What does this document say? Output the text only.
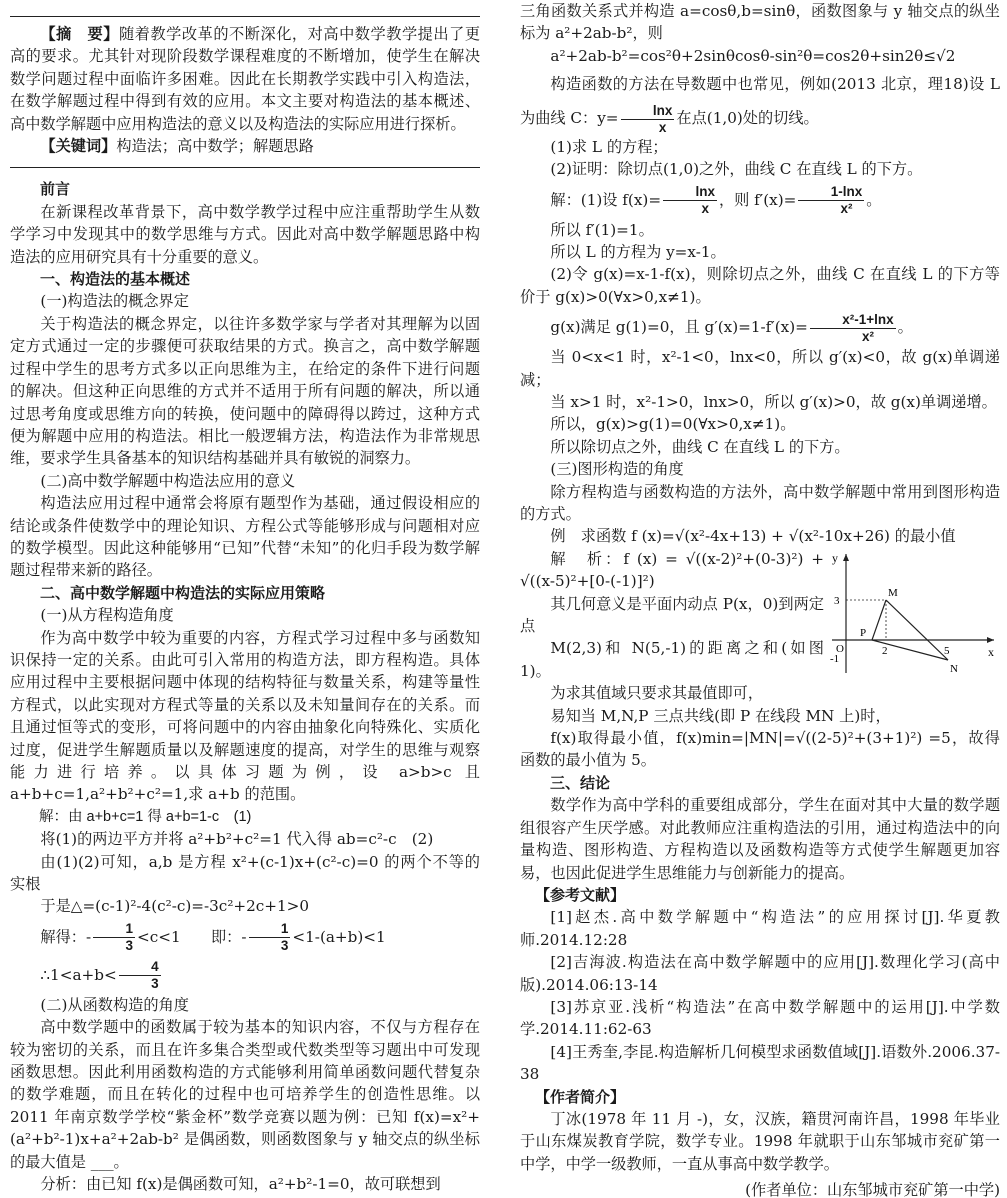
【摘　要】随着教学改革的不断深化，对高中数学教学提出了更高的要求。尤其针对现阶段数学课程难度的不断增加，使学生在解决数学问题过程中面临许多困难。因此在长期教学实践中引入构造法，在数学解题过程中得到有效的应用。本文主要对构造法的基本概述、高中数学解题中应用构造法的意义以及构造法的实际应用进行探析。

【关键词】构造法；高中数学；解题思路

前言

在新课程改革背景下，高中数学教学过程中应注重帮助学生从数学学习中发现其中的数学思维与方式。因此对高中数学解题思路中构造法的应用研究具有十分重要的意义。

一、构造法的基本概述

(一)构造法的概念界定

关于构造法的概念界定，以往许多数学家与学者对其理解为以固定方式通过一定的步骤便可获取结果的方式。换言之，高中数学解题过程中学生的思考方式多以正向思维为主，在给定的条件下进行问题的解决。但这种正向思维的方式并不适用于所有问题的解决，所以通过思考角度或思维方向的转换，使问题中的障碍得以跨过，这种方式便为解题中应用的构造法。相比一般逻辑方法，构造法作为非常规思维，要求学生具备基本的知识结构基础并具有敏锐的洞察力。

(二)高中数学解题中构造法应用的意义

构造法应用过程中通常会将原有题型作为基础，通过假设相应的结论或条件使数学中的理论知识、方程公式等能够形成与问题相对应的数学模型。因此这种能够用“已知”代替“未知”的化归手段为数学解题过程带来新的路径。

二、高中数学解题中构造法的实际应用策略

(一)从方程构造角度

作为高中数学中较为重要的内容，方程式学习过程中多与函数知识保持一定的关系。由此可引入常用的构造方法，即方程构造。具体应用过程中主要根据问题中体现的结构特征与数量关系，构建等量性方程式，以此实现对方程式等量的关系以及未知量间存在的关系。而且通过恒等式的变形，可将问题中的内容由抽象化向特殊化、实质化过度，促进学生解题质量以及解题速度的提高，对学生的思维与观察能力进行培养。以具体习题为例，设 a>b>c 且 a+b+c=1,a²+b²+c²=1,求 a+b 的范围。

解：由 a+b+c=1 得 a+b=1-c　(1)

将(1)的两边平方并将 a²+b²+c²=1 代入得 ab=c²-c　(2)

由(1)(2)可知，a,b 是方程 x²+(c-1)x+(c²-c)=0 的两个不等的实根

于是△=(c-1)²-4(c²-c)=-3c²+2c+1>0

解得：- $\frac{1}{3} <c<1$　　即：- $\frac{1}{3} <1-(a+b)<1$

∴1<a+b< $\frac{4}{3}$

(二)从函数构造的角度

高中数学题中的函数属于较为基本的知识内容，不仅与方程存在较为密切的关系，而且在许多集合类型或代数类型等习题出中可发现函数思想。因此利用函数构造的方式能够利用简单函数问题代替复杂的数学难题，而且在转化的过程中也可培养学生的创造性思维。以 2011 年南京数学学校“紫金杯”数学竞赛以题为例：已知 f(x)=x²+(a²+b²-1)x+a²+2ab-b² 是偶函数，则函数图象与 y 轴交点的纵坐标的最大值是 ___。

分析：由已知 f(x)是偶函数可知，a²+b²-1=0，故可联想到

三角函数关系式并构造 a=cosθ,b=sinθ，函数图象与 y 轴交点的纵坐标为 a²+2ab-b²，则

a²+2ab-b²=cos²θ+2sinθcosθ-sin²θ=cos2θ+sin2θ≤√2

构造函数的方法在导数题中也常见，例如(2013 北京，理18)设 L 为曲线 C：$y= \frac{\ln x}{x}$ 在点(1,0)处的切线。

(1)求 L 的方程；

(2)证明：除切点(1,0)之外，曲线 C 在直线 L 的下方。

解：(1)设 $f(x)= \frac{\ln x}{x}$ ，则 $f'(x)= \frac{1-\ln x}{\text{x²}}$ 。

所以 f′(1)=1。

所以 L 的方程为 y=x-1。

(2)令 g(x)=x-1-f(x)，则除切点之外，曲线 C 在直线 L 的下方等价于 g(x)>0(∀x>0,x≠1)。

g(x)满足 g(1)=0，且 $g'(x)=1-f'(x)= \frac{\text{x²-1+lnx}}{\text{x²}}$ 。

当 0<x<1 时，x²-1<0，lnx<0，所以 g′(x)<0，故 g(x)单调递减；

当 x>1 时，x²-1>0，lnx>0，所以 g′(x)>0，故 g(x)单调递增。

所以，g(x)>g(1)=0(∀x>0,x≠1)。

所以除切点之外，曲线 C 在直线 L 的下方。

(三)图形构造的角度

除方程构造与函数构造的方法外，高中数学解题中常用到图形构造的方式。

例　求函数 f (x)=√(x²-4x+13) + √(x²-10x+26) 的最小值

解　析：f (x) = √((x-2)²+(0-3)²) + √((x-5)²+[0-(-1)]²)

其几何意义是平面内动点 P(x，0)到两定点

M(2,3)和 N(5,-1)的距离之和(如图 1)。

y
x
O
3
-1
2	5
M
N
P

为求其值域只要求其最值即可，

易知当 M,N,P 三点共线(即 P 在线段 MN 上)时，

f(x)取得最小值，f(x)min=|MN|=√((2-5)²+(3+1)²) =5，故得函数的最小值为 5。

三、结论

数学作为高中学科的重要组成部分，学生在面对其中大量的数学题组很容产生厌学感。对此教师应注重构造法的引用，通过构造法中的向量构造、图形构造、方程构造以及函数构造等方式使学生解题更加容易，也因此促进学生思维能力与创新能力的提高。

【参考文献】

[1]赵杰.高中数学解题中“构造法”的应用探讨[J].华夏教师.2014.12:28

[2]吉海波.构造法在高中数学解题中的应用[J].数理化学习(高中版).2014.06:13-14

[3]苏京亚.浅析“构造法”在高中数学解题中的运用[J].中学数学.2014.11:62-63

[4]王秀奎,李昆.构造解析几何模型求函数值域[J].语数外.2006.37-38

【作者简介】

丁冰(1978 年 11 月 -)，女，汉族，籍贯河南许昌，1998 年毕业于山东煤炭教育学院，数学专业。1998 年就职于山东邹城市兖矿第一中学，中学一级教师，一直从事高中数学教学。

(作者单位：山东邹城市兖矿第一中学)
